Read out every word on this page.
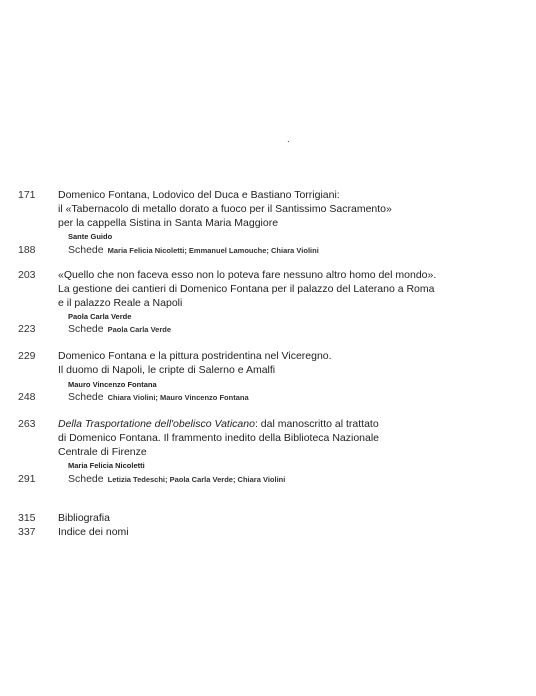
.
171 Domenico Fontana, Lodovico del Duca e Bastiano Torrigiani:
il «Tabernacolo di metallo dorato a fuoco per il Santissimo Sacramento»
per la cappella Sistina in Santa Maria Maggiore
Sante Guido
188	Schede Maria Felicia Nicoletti; Emmanuel Lamouche; Chiara Violini
203 «Quello che non faceva esso non lo poteva fare nessuno altro homo del mondo».
La gestione dei cantieri di Domenico Fontana per il palazzo del Laterano a Roma
e il palazzo Reale a Napoli
Paola Carla Verde
223	Schede Paola Carla Verde
229 Domenico Fontana e la pittura postridentina nel Viceregno.
Il duomo di Napoli, le cripte di Salerno e Amalfi
Mauro Vincenzo Fontana
248	Schede Chiara Violini; Mauro Vincenzo Fontana
263 Della Trasportatione dell'obelisco Vaticano: dal manoscritto al trattato
di Domenico Fontana. Il frammento inedito della Biblioteca Nazionale
Centrale di Firenze
Maria Felicia Nicoletti
291	Schede Letizia Tedeschi; Paola Carla Verde; Chiara Violini
315 Bibliografia
337 Indice dei nomi
